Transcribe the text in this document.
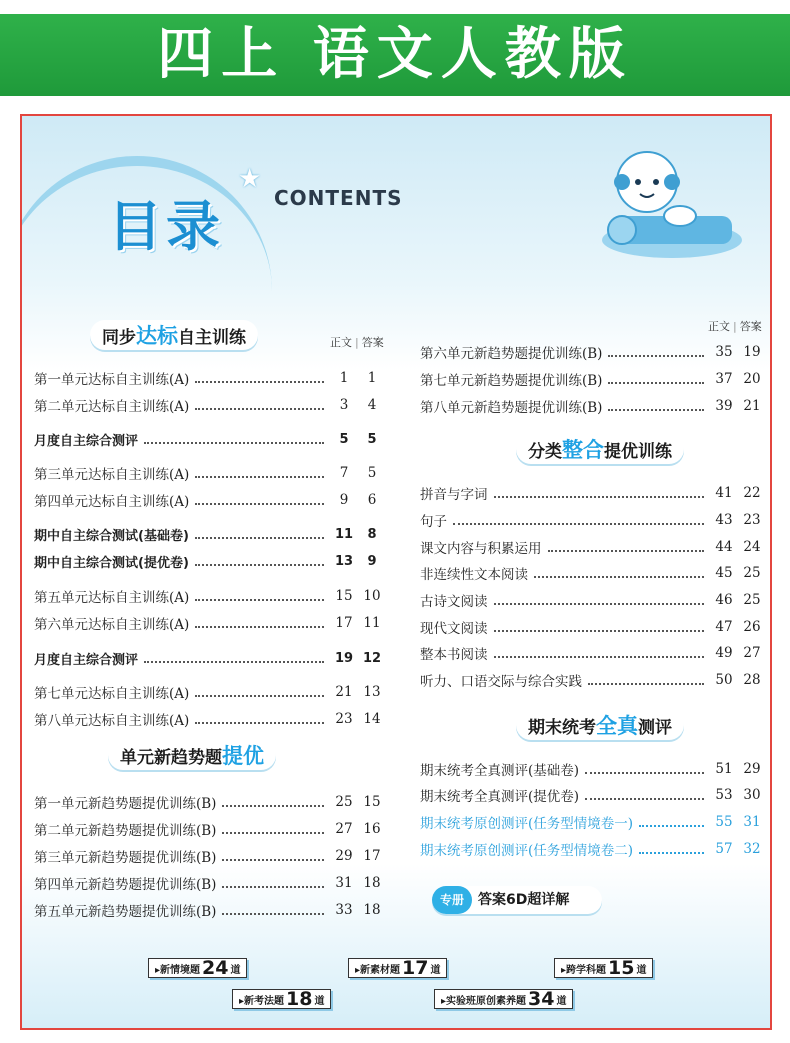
四上 语文人教版
目录
★
CONTENTS
同步 达标 自主训练	正文 | 答案
第一单元达标自主训练(A)	1	1
第二单元达标自主训练(A)	3	4
月度自主综合测评	5	5
第三单元达标自主训练(A)	7	5
第四单元达标自主训练(A)	9	6
期中自主综合测试(基础卷)	11	8
期中自主综合测试(提优卷)	13	9
第五单元达标自主训练(A)	15 10
第六单元达标自主训练(A)	17 11
月度自主综合测评	19 12
第七单元达标自主训练(A)	21 13
第八单元达标自主训练(A)	23 14
单元新趋势题 提优
第一单元新趋势题提优训练(B)	25 15
第二单元新趋势题提优训练(B)	27 16
第三单元新趋势题提优训练(B)	29 17
第四单元新趋势题提优训练(B)	31 18
第五单元新趋势题提优训练(B)	33 18
正文 | 答案
第六单元新趋势题提优训练(B)	35 19
第七单元新趋势题提优训练(B)	37 20
第八单元新趋势题提优训练(B)	39 21
分类 整合 提优训练
拼音与字词	41 22
句子	43 23
课文内容与积累运用	44 24
非连续性文本阅读	45 25
古诗文阅读	46 25
现代文阅读	47 26
整本书阅读	49 27
听力、口语交际与综合实践	50 28
期末统考 全真 测评
期末统考全真测评(基础卷)	51 29
期末统考全真测评(提优卷)	53 30
期末统考原创测评(任务型情境卷一)	55 31
期末统考原创测评(任务型情境卷二)	57 32
专册	答案6D超详解
▸新情境题 24 道	▸新素材题 17 道	▸跨学科题 15 道
▸新考法题 18 道	▸实验班原创素养题 34 道
